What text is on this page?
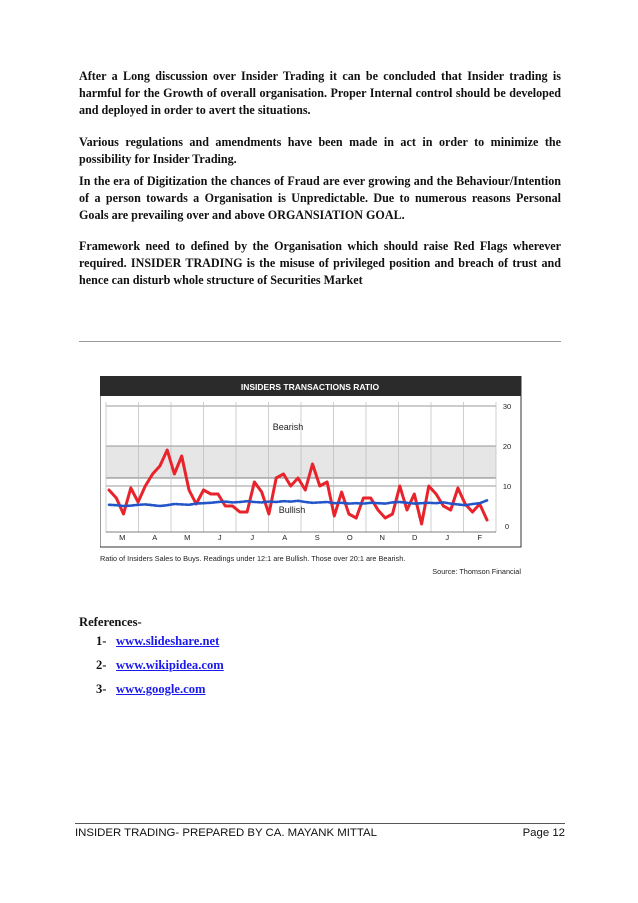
After a Long discussion over Insider Trading it can be concluded that Insider trading is harmful for the Growth of overall organisation. Proper Internal control should be developed and deployed in order to avert the situations.

Various regulations and amendments have been made in act in order to minimize the possibility for Insider Trading.

In the era of Digitization the chances of Fraud are ever growing and the Behaviour/Intention of a person towards a Organisation is Unpredictable. Due to numerous reasons Personal Goals are prevailing over and above ORGANSIATION GOAL.

Framework need to defined by the Organisation which should raise Red Flags wherever required. INSIDER TRADING is the misuse of privileged position and breach of trust and hence can disturb whole structure of Securities Market

INSIDERS TRANSACTIONS RATIO
Bearish
Bullish
30
20
10
0
M	A	M	J	J	A	S	O	N	D	J	F
Ratio of Insiders Sales to Buys. Readings under 12:1 are Bullish. Those over 20:1 are Bearish.
Source: Thomson Financial

References-

1- www.slideshare.net
2- www.wikipidea.com
3- www.google.com
INSIDER TRADING- PREPARED BY CA. MAYANK MITTAL	Page 12
